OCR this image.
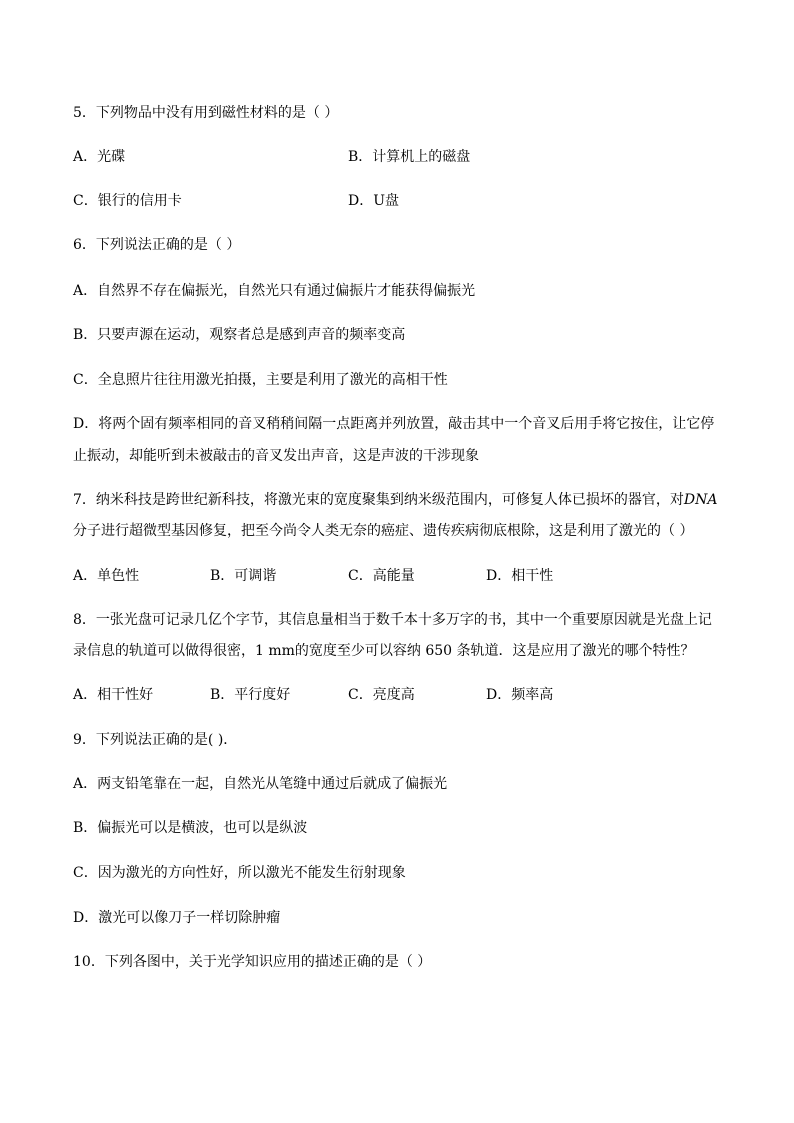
5．下列物品中没有用到磁性材料的是（ ）
A．光碟	B．计算机上的磁盘
C．银行的信用卡	D．U盘
6．下列说法正确的是（ ）
A．自然界不存在偏振光，自然光只有通过偏振片才能获得偏振光
B．只要声源在运动，观察者总是感到声音的频率变高
C．全息照片往往用激光拍摄，主要是利用了激光的高相干性
D．将两个固有频率相同的音叉稍稍间隔一点距离并列放置，敲击其中一个音叉后用手将它按住，让它停
止振动，却能听到未被敲击的音叉发出声音，这是声波的干涉现象
7．纳米科技是跨世纪新科技，将激光束的宽度聚集到纳米级范围内，可修复人体已损坏的器官，对DNA
分子进行超微型基因修复，把至今尚令人类无奈的癌症、遗传疾病彻底根除，这是利用了激光的（ ）
A．单色性	B．可调谐	C．高能量	D．相干性
8．一张光盘可记录几亿个字节，其信息量相当于数千本十多万字的书，其中一个重要原因就是光盘上记
录信息的轨道可以做得很密，1 mm的宽度至少可以容纳 650 条轨道．这是应用了激光的哪个特性？
A．相干性好	B．平行度好	C．亮度高	D．频率高
9．下列说法正确的是( )．
A．两支铅笔靠在一起，自然光从笔缝中通过后就成了偏振光
B．偏振光可以是横波，也可以是纵波
C．因为激光的方向性好，所以激光不能发生衍射现象
D．激光可以像刀子一样切除肿瘤
10．下列各图中，关于光学知识应用的描述正确的是（ ）
